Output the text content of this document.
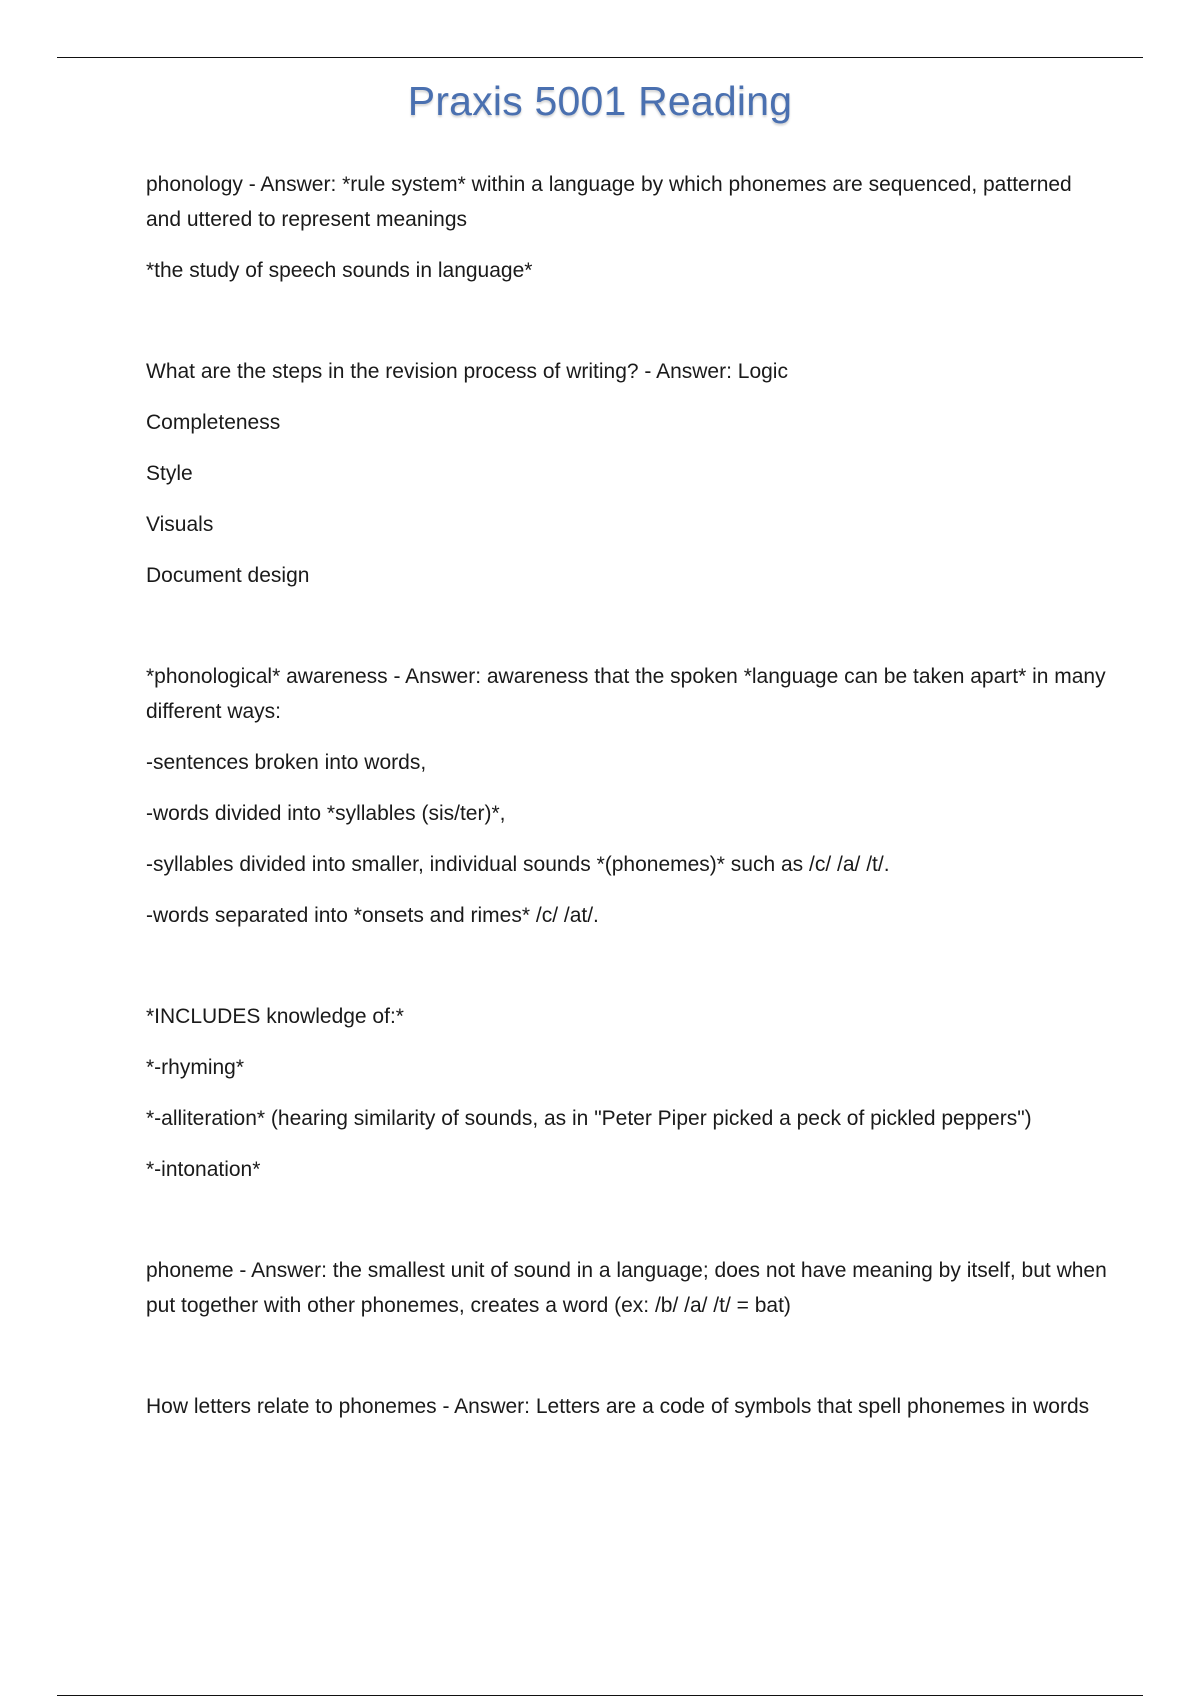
Praxis 5001 Reading

phonology - Answer: *rule system* within a language by which phonemes are sequenced, patterned and uttered to represent meanings

*the study of speech sounds in language*

What are the steps in the revision process of writing? - Answer: Logic

Completeness

Style

Visuals

Document design

*phonological* awareness - Answer: awareness that the spoken *language can be taken apart* in many different ways:

-sentences broken into words,

-words divided into *syllables (sis/ter)*,

-syllables divided into smaller, individual sounds *(phonemes)* such as /c/ /a/ /t/.

-words separated into *onsets and rimes* /c/ /at/.

*INCLUDES knowledge of:*

*-rhyming*

*-alliteration* (hearing similarity of sounds, as in "Peter Piper picked a peck of pickled peppers")

*-intonation*

phoneme - Answer: the smallest unit of sound in a language; does not have meaning by itself, but when put together with other phonemes, creates a word (ex: /b/ /a/ /t/ = bat)

How letters relate to phonemes - Answer: Letters are a code of symbols that spell phonemes in words
